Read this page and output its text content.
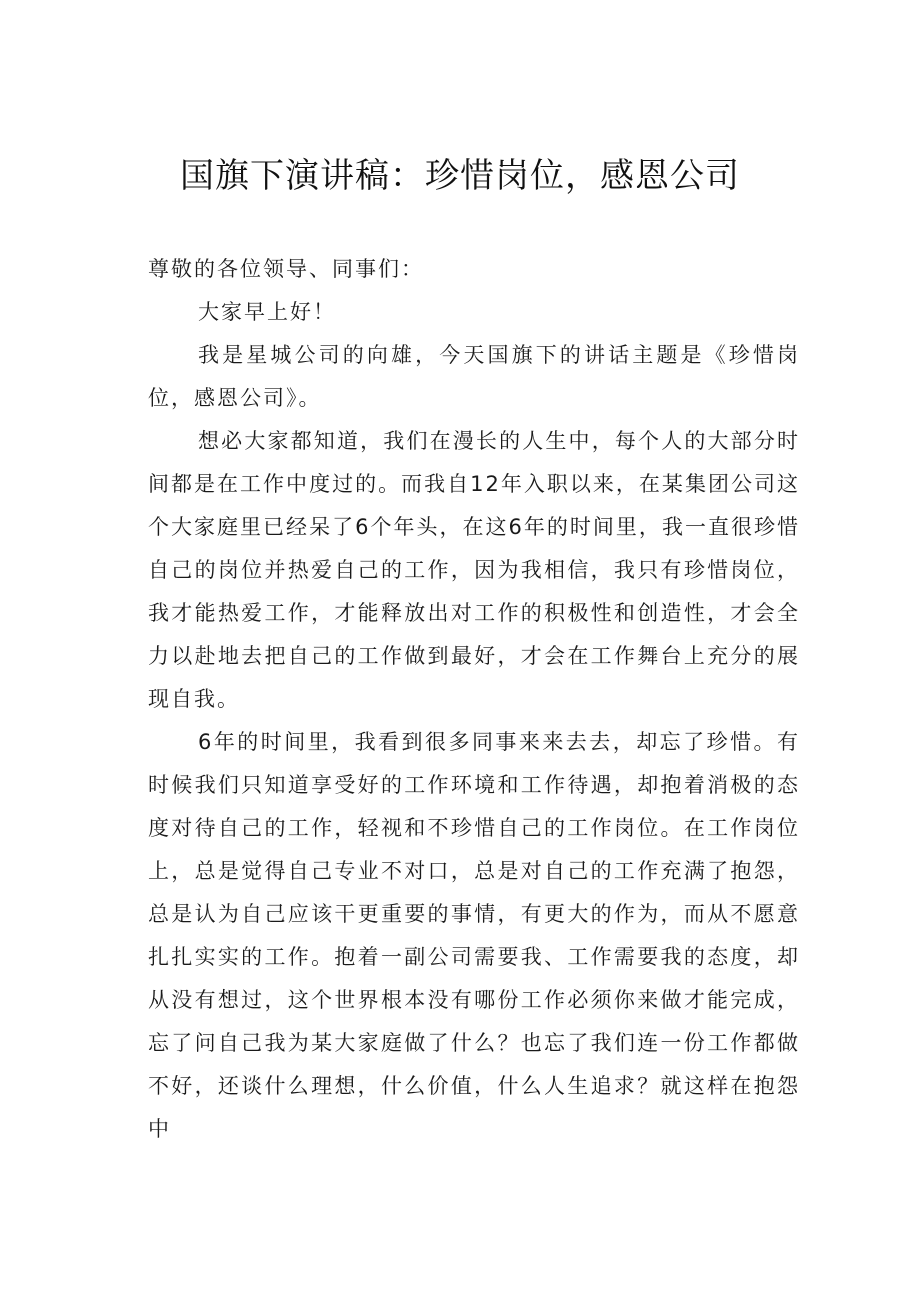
国旗下演讲稿：珍惜岗位，感恩公司

尊敬的各位领导、同事们：

大家早上好！

我是星城公司的向雄，今天国旗下的讲话主题是《珍惜岗位，感恩公司》。

想必大家都知道，我们在漫长的人生中，每个人的大部分时间都是在工作中度过的。而我自12年入职以来，在某集团公司这个大家庭里已经呆了6个年头，在这6年的时间里，我一直很珍惜自己的岗位并热爱自己的工作，因为我相信，我只有珍惜岗位，我才能热爱工作，才能释放出对工作的积极性和创造性，才会全力以赴地去把自己的工作做到最好，才会在工作舞台上充分的展现自我。

6年的时间里，我看到很多同事来来去去，却忘了珍惜。有时候我们只知道享受好的工作环境和工作待遇，却抱着消极的态度对待自己的工作，轻视和不珍惜自己的工作岗位。在工作岗位上，总是觉得自己专业不对口，总是对自己的工作充满了抱怨，总是认为自己应该干更重要的事情，有更大的作为，而从不愿意扎扎实实的工作。抱着一副公司需要我、工作需要我的态度，却从没有想过，这个世界根本没有哪份工作必须你来做才能完成，忘了问自己我为某大家庭做了什么？也忘了我们连一份工作都做不好，还谈什么理想，什么价值，什么人生追求？就这样在抱怨中
